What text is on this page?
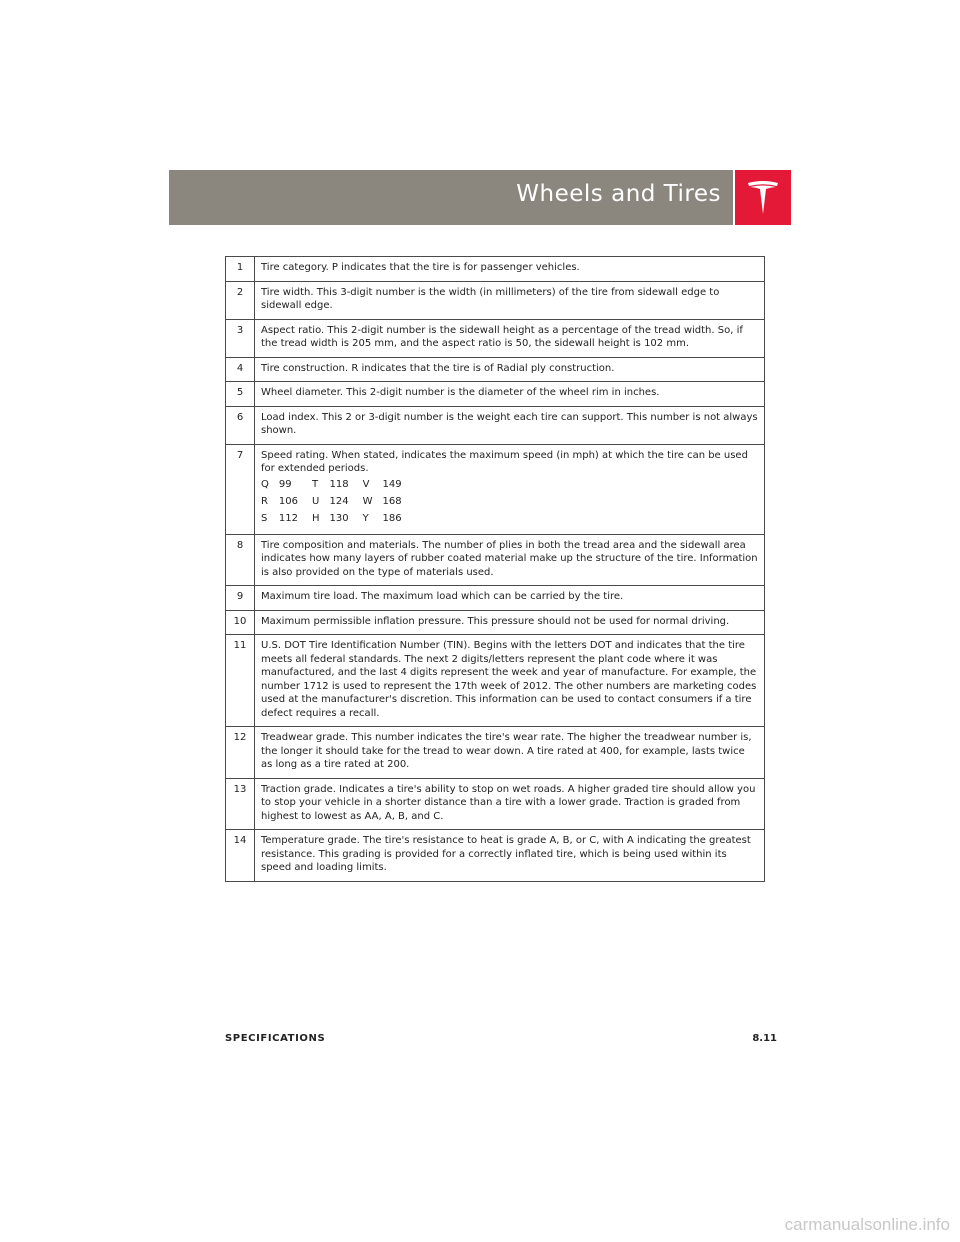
Wheels and Tires
1	Tire category. P indicates that the tire is for passenger vehicles.

2	Tire width. This 3-digit number is the width (in millimeters) of the tire from sidewall edge to sidewall edge.

3	Aspect ratio. This 2-digit number is the sidewall height as a percentage of the tread width. So, if the tread width is 205 mm, and the aspect ratio is 50, the sidewall height is 102 mm.

4	Tire construction. R indicates that the tire is of Radial ply construction.

5	Wheel diameter. This 2-digit number is the diameter of the wheel rim in inches.

6	Load index. This 2 or 3-digit number is the weight each tire can support. This number is not always shown.

7	Speed rating. When stated, indicates the maximum speed (in mph) at which the tire can be used for extended periods.
Q	99	T	118	V	149
R	106	U	124	W	168
S	112	H	130	Y	186

8	Tire composition and materials. The number of plies in both the tread area and the sidewall area indicates how many layers of rubber coated material make up the structure of the tire. Information is also provided on the type of materials used.

9	Maximum tire load. The maximum load which can be carried by the tire.

10	Maximum permissible inflation pressure. This pressure should not be used for normal driving.

11	U.S. DOT Tire Identification Number (TIN). Begins with the letters DOT and indicates that the tire meets all federal standards. The next 2 digits/letters represent the plant code where it was manufactured, and the last 4 digits represent the week and year of manufacture. For example, the number 1712 is used to represent the 17th week of 2012. The other numbers are marketing codes used at the manufacturer's discretion. This information can be used to contact consumers if a tire defect requires a recall.

12	Treadwear grade. This number indicates the tire's wear rate. The higher the treadwear number is, the longer it should take for the tread to wear down. A tire rated at 400, for example, lasts twice as long as a tire rated at 200.

13	Traction grade. Indicates a tire's ability to stop on wet roads. A higher graded tire should allow you to stop your vehicle in a shorter distance than a tire with a lower grade. Traction is graded from highest to lowest as AA, A, B, and C.

14	Temperature grade. The tire's resistance to heat is grade A, B, or C, with A indicating the greatest resistance. This grading is provided for a correctly inflated tire, which is being used within its speed and loading limits.
SPECIFICATIONS	8.11
carmanualsonline.info
